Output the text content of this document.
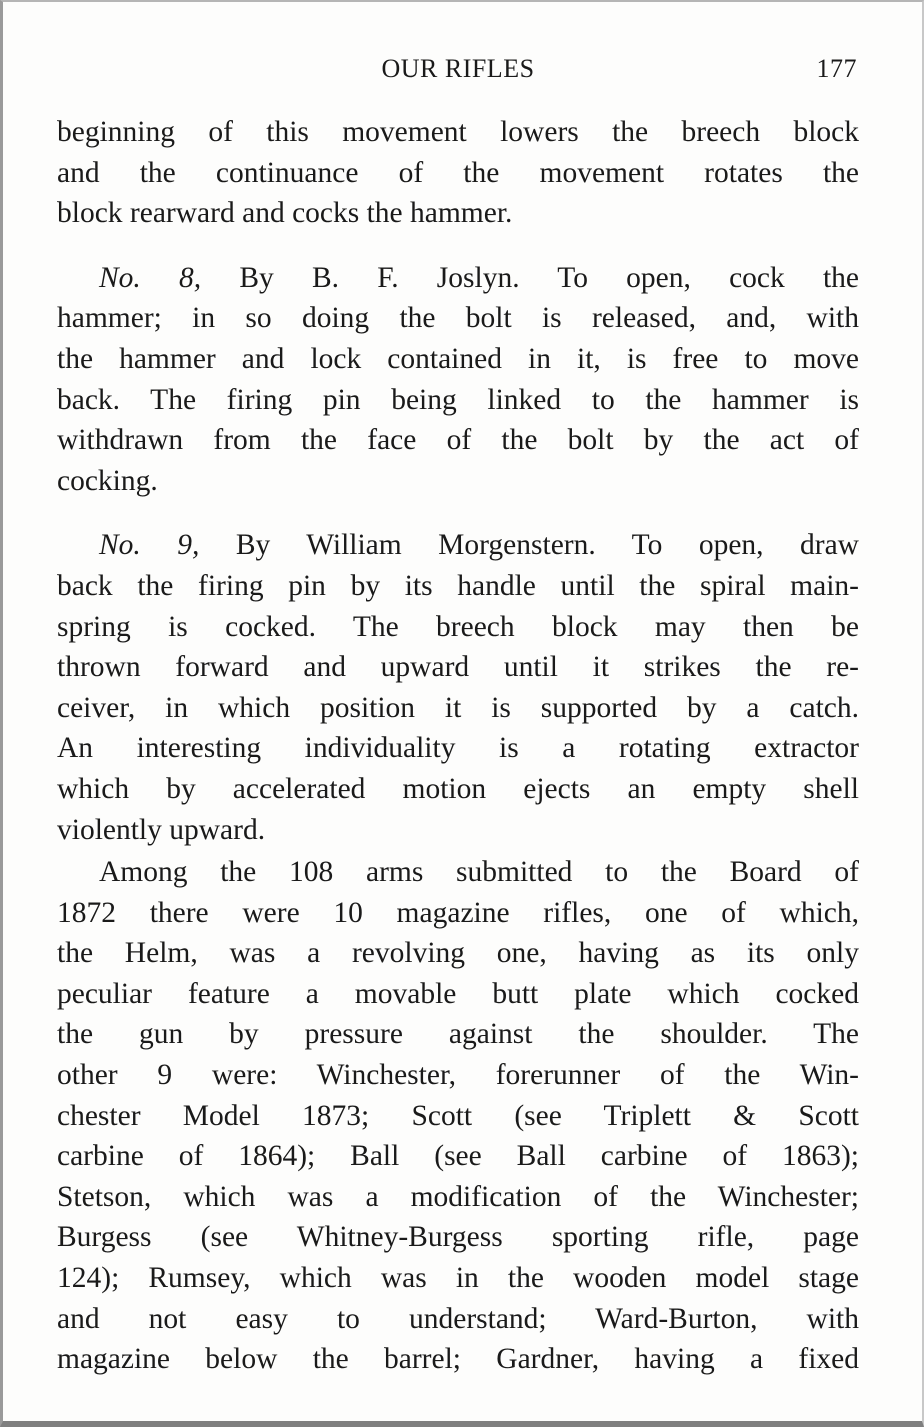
OUR RIFLES	177

beginning of this movement lowers the breech block
and the continuance of the movement rotates the
block rearward and cocks the hammer.

No. 8, By B. F. Joslyn. To open, cock the
hammer; in so doing the bolt is released, and, with
the hammer and lock contained in it, is free to move
back. The firing pin being linked to the hammer is
withdrawn from the face of the bolt by the act of
cocking.

No. 9, By William Morgenstern. To open, draw
back the firing pin by its handle until the spiral main-
spring is cocked. The breech block may then be
thrown forward and upward until it strikes the re-
ceiver, in which position it is supported by a catch.
An interesting individuality is a rotating extractor
which by accelerated motion ejects an empty shell
violently upward.

Among the 108 arms submitted to the Board of
1872 there were 10 magazine rifles, one of which,
the Helm, was a revolving one, having as its only
peculiar feature a movable butt plate which cocked
the gun by pressure against the shoulder. The
other 9 were: Winchester, forerunner of the Win-
chester Model 1873; Scott (see Triplett & Scott
carbine of 1864); Ball (see Ball carbine of 1863);
Stetson, which was a modification of the Winchester;
Burgess (see Whitney-Burgess sporting rifle, page
124); Rumsey, which was in the wooden model stage
and not easy to understand; Ward-Burton, with
magazine below the barrel; Gardner, having a fixed
